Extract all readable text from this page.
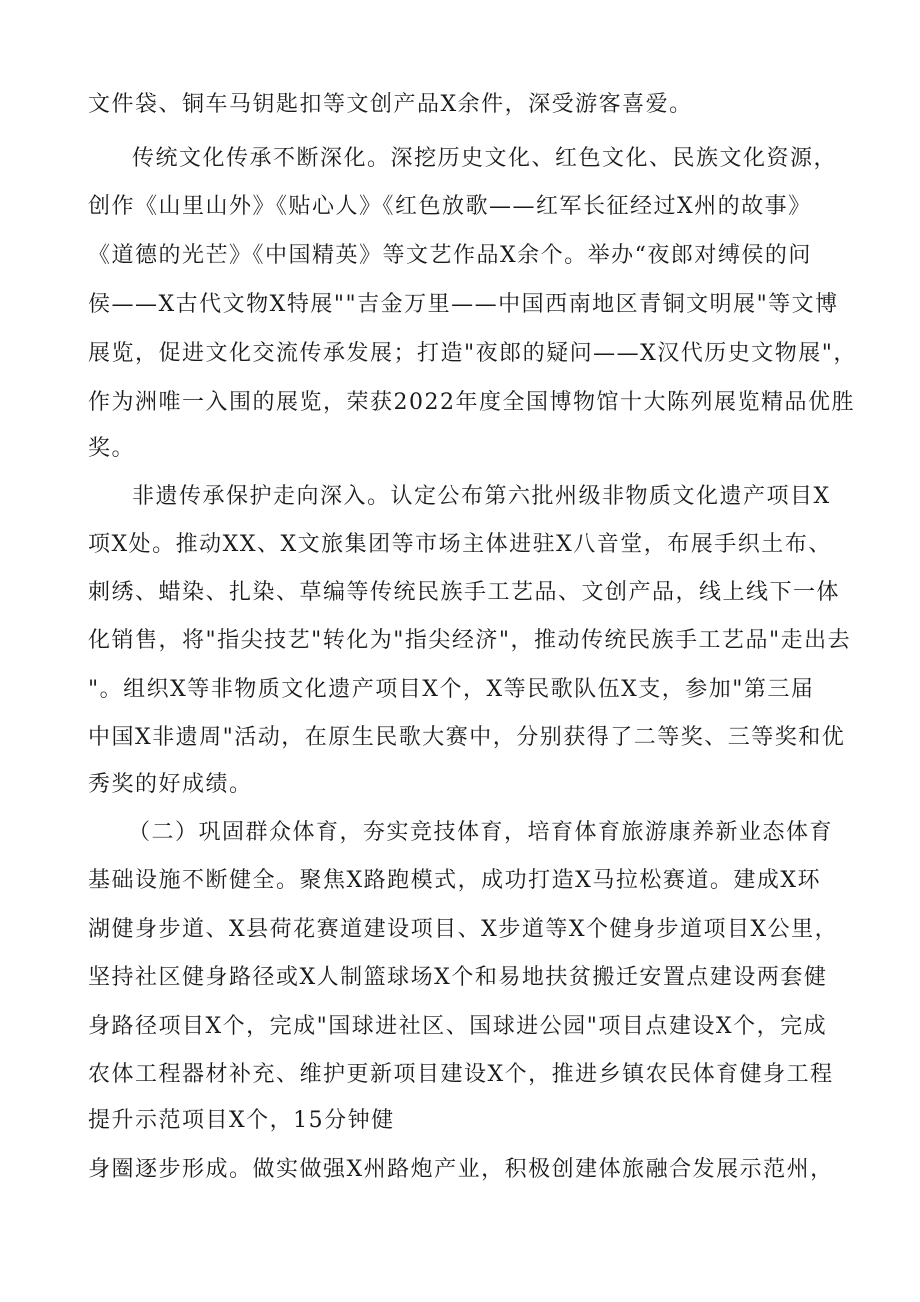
文件袋、铜车马钥匙扣等文创产品X余件，深受游客喜爱。
传统文化传承不断深化。深挖历史文化、红色文化、民族文化资源，
创作《山里山外》《贴心人》《红色放歌——红军长征经过X州的故事》
《道德的光芒》《中国精英》等文艺作品X余个。举办“夜郎对缚侯的问
侯——X古代文物X特展""吉金万里——中国西南地区青铜文明展"等文博
展览，促进文化交流传承发展；打造"夜郎的疑问——X汉代历史文物展"，
作为洲唯一入围的展览，荣获2022年度全国博物馆十大陈列展览精品优胜
奖。
非遗传承保护走向深入。认定公布第六批州级非物质文化遗产项目X
项X处。推动XX、X文旅集团等市场主体进驻X八音堂，布展手织土布、
刺绣、蜡染、扎染、草编等传统民族手工艺品、文创产品，线上线下一体
化销售，将"指尖技艺"转化为"指尖经济"，推动传统民族手工艺品"走出去
"。组织X等非物质文化遗产项目X个，X等民歌队伍X支，参加"第三届
中国X非遗周"活动，在原生民歌大赛中，分别获得了二等奖、三等奖和优
秀奖的好成绩。
（二）巩固群众体育，夯实竞技体育，培育体育旅游康养新业态体育
基础设施不断健全。聚焦X路跑模式，成功打造X马拉松赛道。建成X环
湖健身步道、X县荷花赛道建设项目、X步道等X个健身步道项目X公里，
坚持社区健身路径或X人制篮球场X个和易地扶贫搬迁安置点建设两套健
身路径项目X个，完成"国球进社区、国球进公园"项目点建设X个，完成
农体工程器材补充、维护更新项目建设X个，推进乡镇农民体育健身工程
提升示范项目X个，15分钟健
身圈逐步形成。做实做强X州路炮产业，积极创建体旅融合发展示范州，
